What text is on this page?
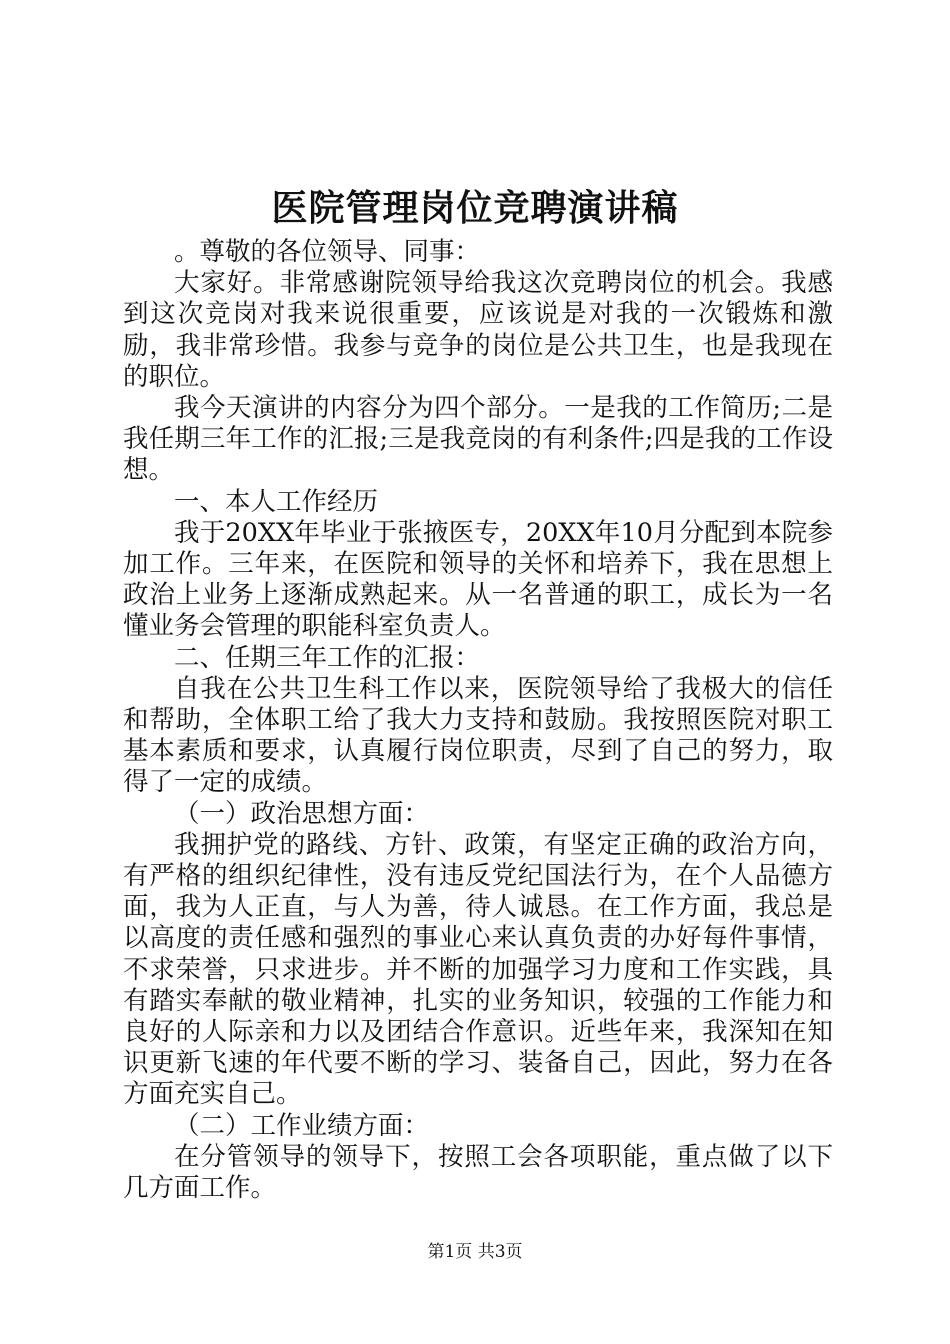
医院管理岗位竞聘演讲稿

。尊敬的各位领导、同事：

大家好。非常感谢院领导给我这次竞聘岗位的机会。我感到这次竞岗对我来说很重要，应该说是对我的一次锻炼和激励，我非常珍惜。我参与竞争的岗位是公共卫生，也是我现在的职位。

我今天演讲的内容分为四个部分。一是我的工作简历;二是我任期三年工作的汇报;三是我竞岗的有利条件;四是我的工作设想。

一、本人工作经历

我于20XX年毕业于张掖医专，20XX年10月分配到本院参加工作。三年来，在医院和领导的关怀和培养下，我在思想上政治上业务上逐渐成熟起来。从一名普通的职工，成长为一名懂业务会管理的职能科室负责人。

二、任期三年工作的汇报：

自我在公共卫生科工作以来，医院领导给了我极大的信任和帮助，全体职工给了我大力支持和鼓励。我按照医院对职工基本素质和要求，认真履行岗位职责，尽到了自己的努力，取得了一定的成绩。

（一）政治思想方面：

我拥护党的路线、方针、政策，有坚定正确的政治方向，有严格的组织纪律性，没有违反党纪国法行为，在个人品德方面，我为人正直，与人为善，待人诚恳。在工作方面，我总是以高度的责任感和强烈的事业心来认真负责的办好每件事情，不求荣誉，只求进步。并不断的加强学习力度和工作实践，具有踏实奉献的敬业精神，扎实的业务知识，较强的工作能力和良好的人际亲和力以及团结合作意识。近些年来，我深知在知识更新飞速的年代要不断的学习、装备自己，因此，努力在各方面充实自己。

（二）工作业绩方面：

在分管领导的领导下，按照工会各项职能，重点做了以下几方面工作。

第1页 共3页
